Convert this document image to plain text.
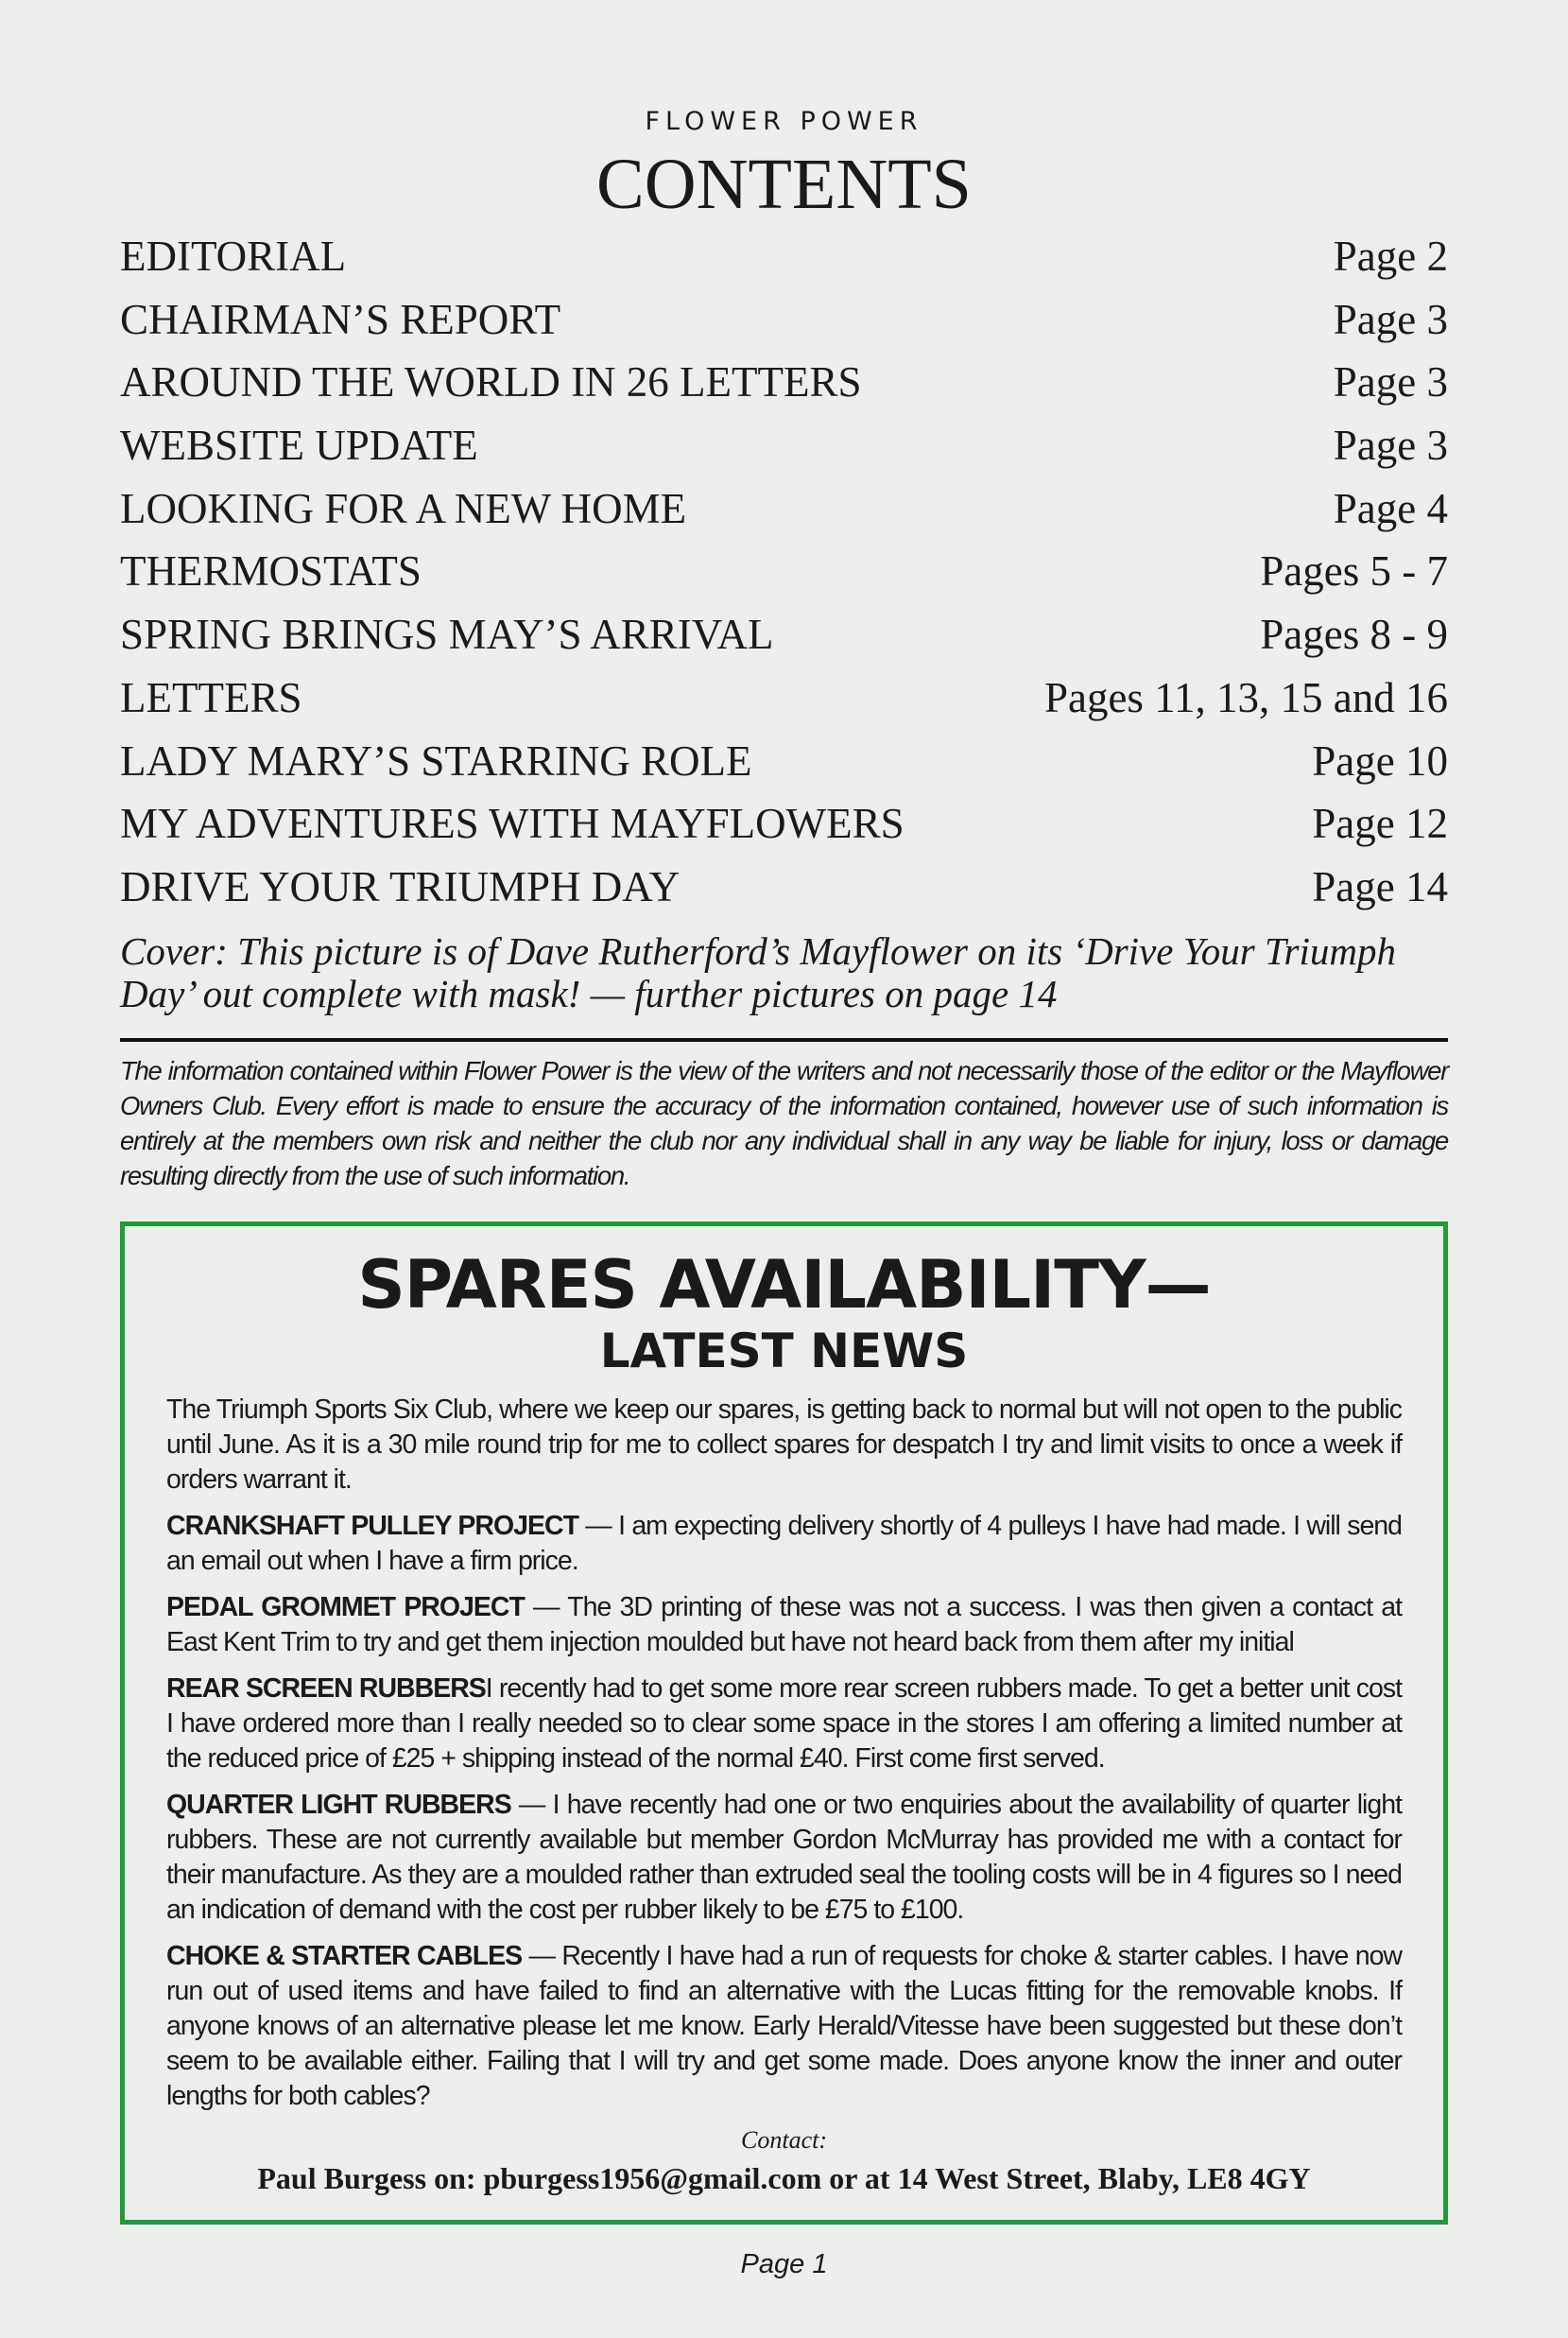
FLOWER POWER
CONTENTS
EDITORIAL	Page 2
CHAIRMAN’S REPORT	Page 3
AROUND THE WORLD IN 26 LETTERS	Page 3
WEBSITE UPDATE	Page 3
LOOKING FOR A NEW HOME	Page 4
THERMOSTATS	Pages 5 - 7
SPRING BRINGS MAY’S ARRIVAL	Pages 8 - 9
LETTERS	Pages 11, 13, 15 and 16
LADY MARY’S STARRING ROLE	Page 10
MY ADVENTURES WITH MAYFLOWERS	Page 12
DRIVE YOUR TRIUMPH DAY	Page 14
Cover: This picture is of Dave Rutherford’s Mayflower on its ‘Drive Your Triumph Day’ out complete with mask! — further pictures on page 14
The information contained within Flower Power is the view of the writers and not necessarily those of the editor or the Mayflower Owners Club. Every effort is made to ensure the accuracy of the information contained, however use of such information is entirely at the members own risk and neither the club nor any individual shall in any way be liable for injury, loss or damage resulting directly from the use of such information.
SPARES AVAILABILITY—
LATEST NEWS

The Triumph Sports Six Club, where we keep our spares, is getting back to normal but will not open to the public until June. As it is a 30 mile round trip for me to collect spares for despatch I try and limit visits to once a week if orders warrant it.

CRANKSHAFT PULLEY PROJECT — I am expecting delivery shortly of 4 pulleys I have had made. I will send an email out when I have a firm price.

PEDAL GROMMET PROJECT — The 3D printing of these was not a success. I was then given a contact at East Kent Trim to try and get them injection moulded but have not heard back from them after my initial

REAR SCREEN RUBBERSI recently had to get some more rear screen rubbers made. To get a better unit cost I have ordered more than I really needed so to clear some space in the stores I am offering a limited number at the reduced price of £25 + shipping instead of the normal £40. First come first served.

QUARTER LIGHT RUBBERS — I have recently had one or two enquiries about the availability of quarter light rubbers. These are not currently available but member Gordon McMurray has provided me with a contact for their manufacture. As they are a moulded rather than extruded seal the tooling costs will be in 4 figures so I need an indication of demand with the cost per rubber likely to be £75 to £100.

CHOKE & STARTER CABLES — Recently I have had a run of requests for choke & starter cables. I have now run out of used items and have failed to find an alternative with the Lucas fitting for the removable knobs. If anyone knows of an alternative please let me know. Early Herald/Vitesse have been suggested but these don’t seem to be available either. Failing that I will try and get some made. Does anyone know the inner and outer lengths for both cables?

Contact:
Paul Burgess on: pburgess1956@gmail.com or at 14 West Street, Blaby, LE8 4GY
Page 1
